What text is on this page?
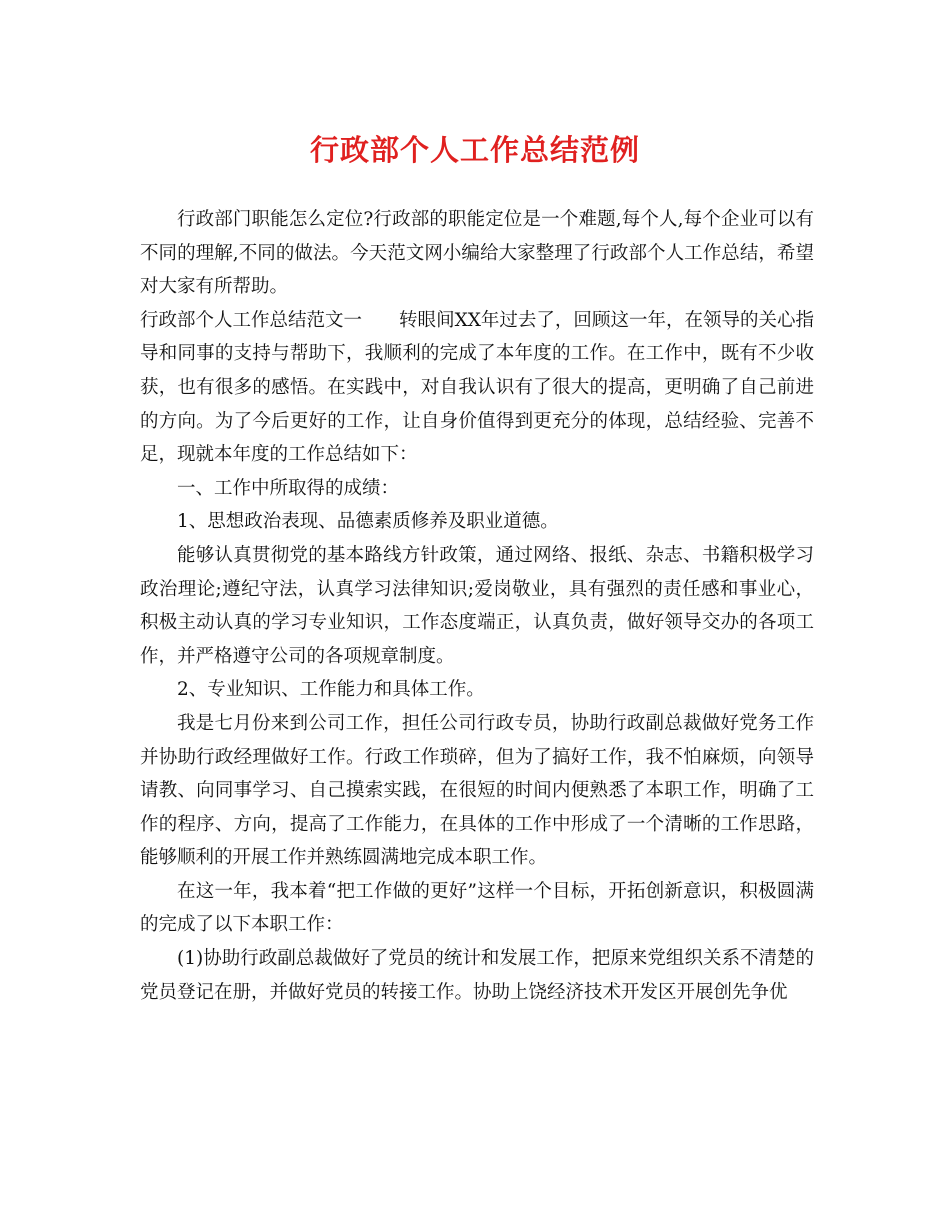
行政部个人工作总结范例

行政部门职能怎么定位?行政部的职能定位是一个难题,每个人,每个企业可以有不同的理解,不同的做法。今天范文网小编给大家整理了行政部个人工作总结，希望对大家有所帮助。

行政部个人工作总结范文一　　转眼间XX年过去了，回顾这一年，在领导的关心指导和同事的支持与帮助下，我顺利的完成了本年度的工作。在工作中，既有不少收获，也有很多的感悟。在实践中，对自我认识有了很大的提高，更明确了自己前进的方向。为了今后更好的工作，让自身价值得到更充分的体现，总结经验、完善不足，现就本年度的工作总结如下：

一、工作中所取得的成绩：

1、思想政治表现、品德素质修养及职业道德。

能够认真贯彻党的基本路线方针政策，通过网络、报纸、杂志、书籍积极学习政治理论;遵纪守法，认真学习法律知识;爱岗敬业，具有强烈的责任感和事业心，积极主动认真的学习专业知识，工作态度端正，认真负责，做好领导交办的各项工作，并严格遵守公司的各项规章制度。

2、专业知识、工作能力和具体工作。

我是七月份来到公司工作，担任公司行政专员，协助行政副总裁做好党务工作并协助行政经理做好工作。行政工作琐碎，但为了搞好工作，我不怕麻烦，向领导请教、向同事学习、自己摸索实践，在很短的时间内便熟悉了本职工作，明确了工作的程序、方向，提高了工作能力，在具体的工作中形成了一个清晰的工作思路，能够顺利的开展工作并熟练圆满地完成本职工作。

在这一年，我本着“把工作做的更好”这样一个目标，开拓创新意识，积极圆满的完成了以下本职工作：

(1)协助行政副总裁做好了党员的统计和发展工作，把原来党组织关系不清楚的党员登记在册，并做好党员的转接工作。协助上饶经济技术开发区开展创先争优
